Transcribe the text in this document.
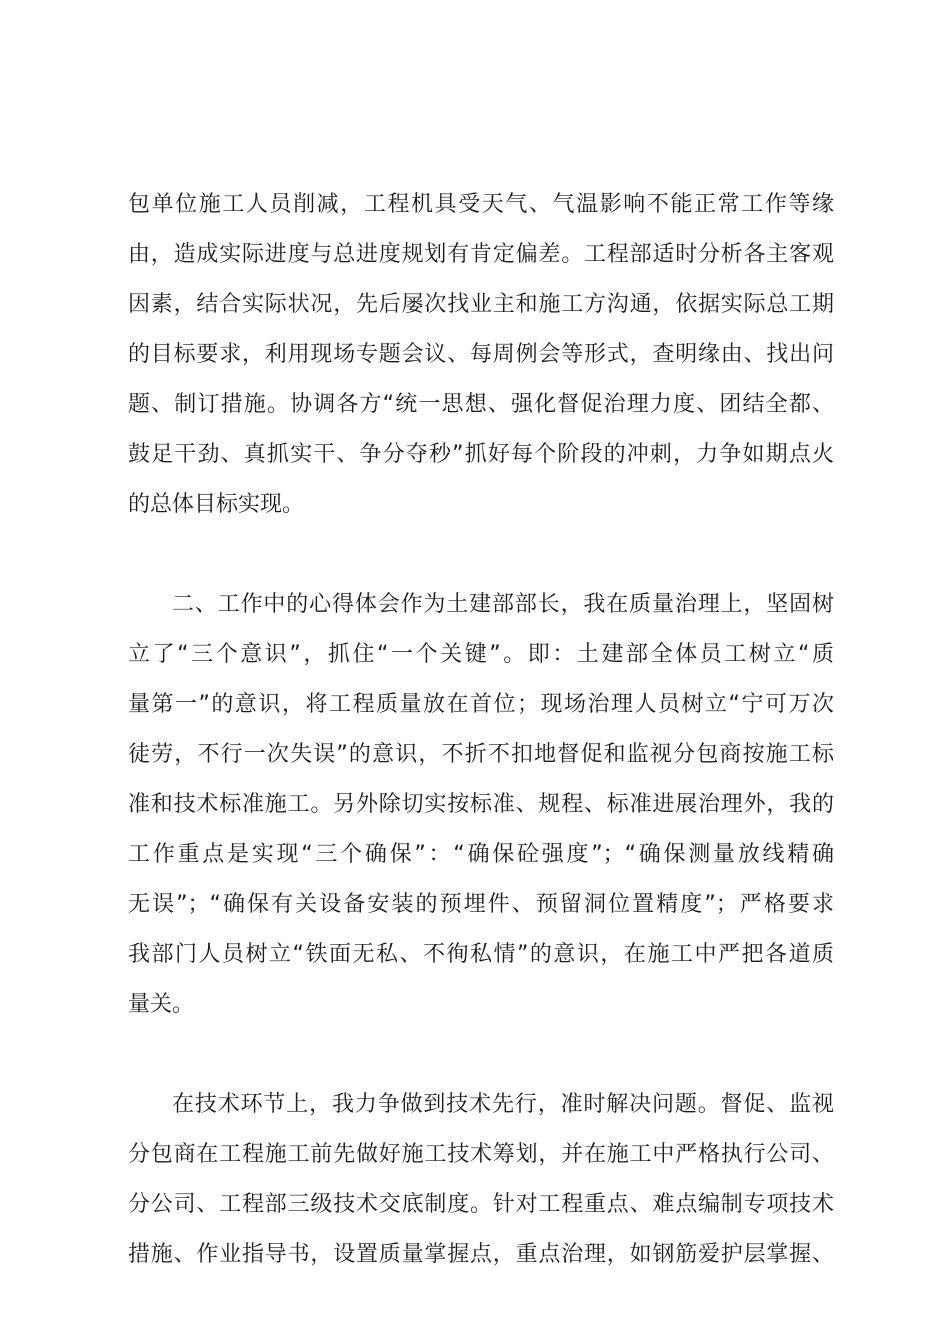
包单位施工人员削减，工程机具受天气、气温影响不能正常工作等缘
由，造成实际进度与总进度规划有肯定偏差。工程部适时分析各主客观
因素，结合实际状况，先后屡次找业主和施工方沟通，依据实际总工期
的目标要求，利用现场专题会议、每周例会等形式，查明缘由、找出问
题、制订措施。协调各方“统一思想、强化督促治理力度、团结全都、
鼓足干劲、真抓实干、争分夺秒”抓好每个阶段的冲刺，力争如期点火
的总体目标实现。
二、工作中的心得体会作为土建部部长，我在质量治理上，坚固树
立了“三个意识”，抓住“一个关键”。即：土建部全体员工树立“质
量第一”的意识，将工程质量放在首位；现场治理人员树立“宁可万次
徒劳，不行一次失误”的意识，不折不扣地督促和监视分包商按施工标
准和技术标准施工。另外除切实按标准、规程、标准进展治理外，我的
工作重点是实现“三个确保”：“确保砼强度”；“确保测量放线精确
无误”；“确保有关设备安装的预埋件、预留洞位置精度”；严格要求
我部门人员树立“铁面无私、不徇私情”的意识，在施工中严把各道质
量关。
在技术环节上，我力争做到技术先行，准时解决问题。督促、监视
分包商在工程施工前先做好施工技术筹划，并在施工中严格执行公司、
分公司、工程部三级技术交底制度。针对工程重点、难点编制专项技术
措施、作业指导书，设置质量掌握点，重点治理，如钢筋爱护层掌握、
